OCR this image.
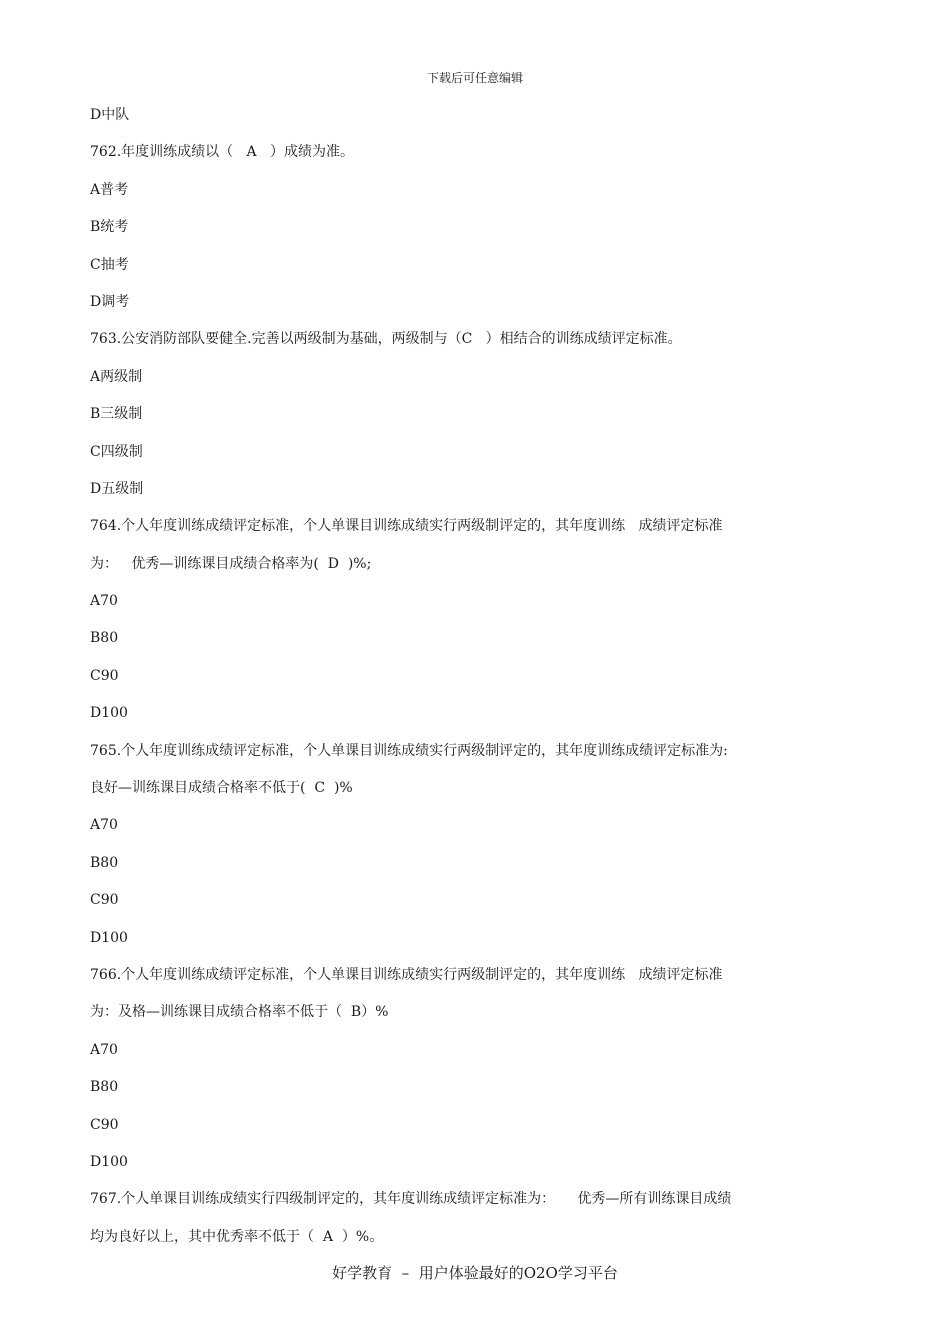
下载后可任意编辑
D中队
762.年度训练成绩以（   A   ）成绩为准。
A普考
B统考
C抽考
D调考
763.公安消防部队要健全.完善以两级制为基础，两级制与（C   ）相结合的训练成绩评定标准。
A两级制
B三级制
C四级制
D五级制
764.个人年度训练成绩评定标准，个人单课目训练成绩实行两级制评定的，其年度训练   成绩评定标准
为：   优秀—训练课目成绩合格率为(  D  )%;
A70
B80
C90
D100
765.个人年度训练成绩评定标准，个人单课目训练成绩实行两级制评定的，其年度训练成绩评定标准为:
良好—训练课目成绩合格率不低于(  C  )%
A70
B80
C90
D100
766.个人年度训练成绩评定标准，个人单课目训练成绩实行两级制评定的，其年度训练   成绩评定标准
为：及格—训练课目成绩合格率不低于（  B）%
A70
B80
C90
D100
767.个人单课目训练成绩实行四级制评定的，其年度训练成绩评定标准为：     优秀—所有训练课目成绩
均为良好以上，其中优秀率不低于（  A  ）%。
好学教育  –  用户体验最好的O2O学习平台
